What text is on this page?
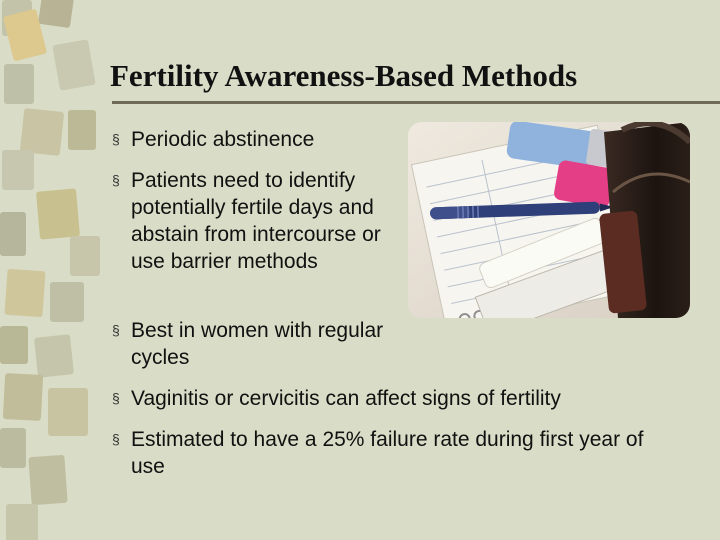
Fertility Awareness-Based Methods
§ Periodic abstinence
§ Patients need to identify potentially fertile days and abstain from intercourse or use barrier methods
§ Best in women with regular cycles
§ Vaginitis or cervicitis can affect signs of fertility
§ Estimated to have a 25% failure rate during first year of use
